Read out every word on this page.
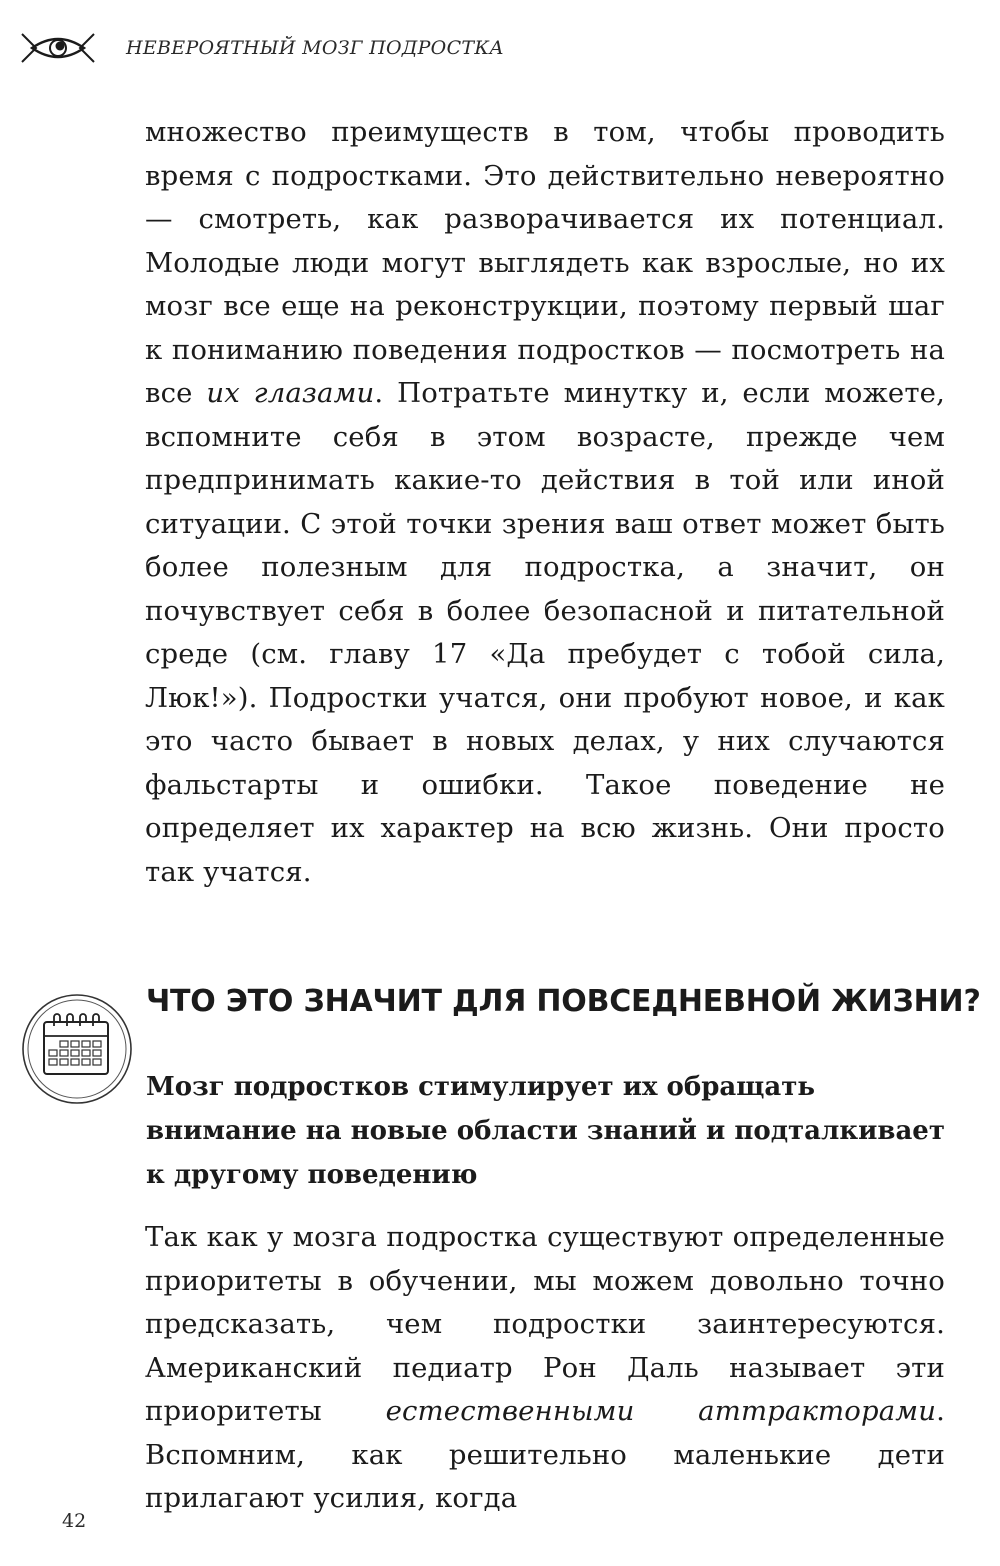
НЕВЕРОЯТНЫЙ МОЗГ ПОДРОСТКА

множество преимуществ в том, чтобы проводить время с подростками. Это действительно невероятно — смотреть, как разворачивается их потенциал. Молодые люди могут выглядеть как взрослые, но их мозг все еще на реконструкции, поэтому первый шаг к пониманию поведения подростков — посмотреть на все их глазами. Потратьте минутку и, если можете, вспомните себя в этом возрасте, прежде чем предпринимать какие-то действия в той или иной ситуации. С этой точки зрения ваш ответ может быть более полезным для подростка, а значит, он почувствует себя в более безопасной и питательной среде (см. главу 17 «Да пребудет с тобой сила, Люк!»). Подростки учатся, они пробуют новое, и как это часто бывает в новых делах, у них случаются фальстарты и ошибки. Такое поведение не определяет их характер на всю жизнь. Они просто так учатся.

ЧТО ЭТО ЗНАЧИТ ДЛЯ ПОВСЕДНЕВНОЙ ЖИЗНИ?
Мозг подростков стимулирует их обращать внимание на новые области знаний и подталкивает к другому поведению

Так как у мозга подростка существуют определенные приоритеты в обучении, мы можем довольно точно предсказать, чем подростки заинтересуются. Американский педиатр Рон Даль называет эти приоритеты естественными аттракторами. Вспомним, как решительно маленькие дети прилагают усилия, когда

42
